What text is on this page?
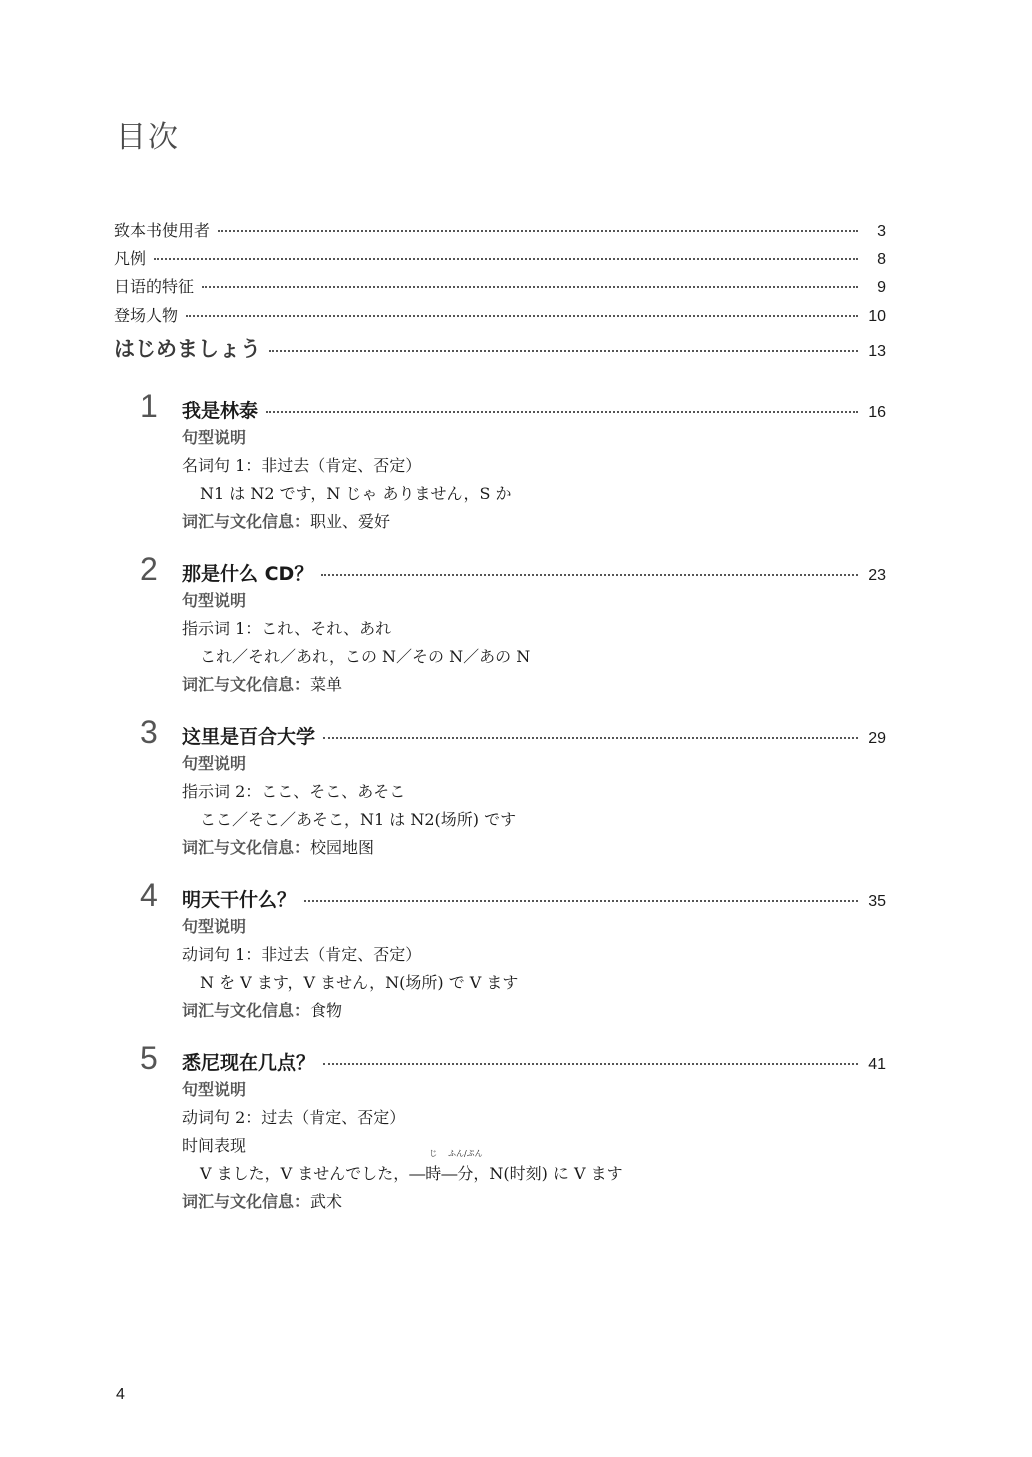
目次
致本书使用者	3
凡例	8
日语的特征	9
登场人物	10
はじめましょう	13
1 我是林泰	16
句型说明
名词句 1：非过去（肯定、否定）
N1 は N2 です，N じゃ ありません，S か
词汇与文化信息：职业、爱好
2 那是什么 CD？	23
句型说明
指示词 1：これ、それ、あれ
これ／それ／あれ，この N／その N／あの N
词汇与文化信息：菜单
3 这里是百合大学	29
句型说明
指示词 2：ここ、そこ、あそこ
ここ／そこ／あそこ，N1 は N2(场所) です
词汇与文化信息：校园地图
4 明天干什么？	35
句型说明
动词句 1：非过去（肯定、否定）
N を V ます，V ません，N(场所) で V ます
词汇与文化信息：食物
5 悉尼现在几点？	41
句型说明
动词句 2：过去（肯定、否定）
时间表现
V ました，V ませんでした，―
じ
時―
ふん/ぷん
分，N(时刻) に V ます
词汇与文化信息：武术
4
